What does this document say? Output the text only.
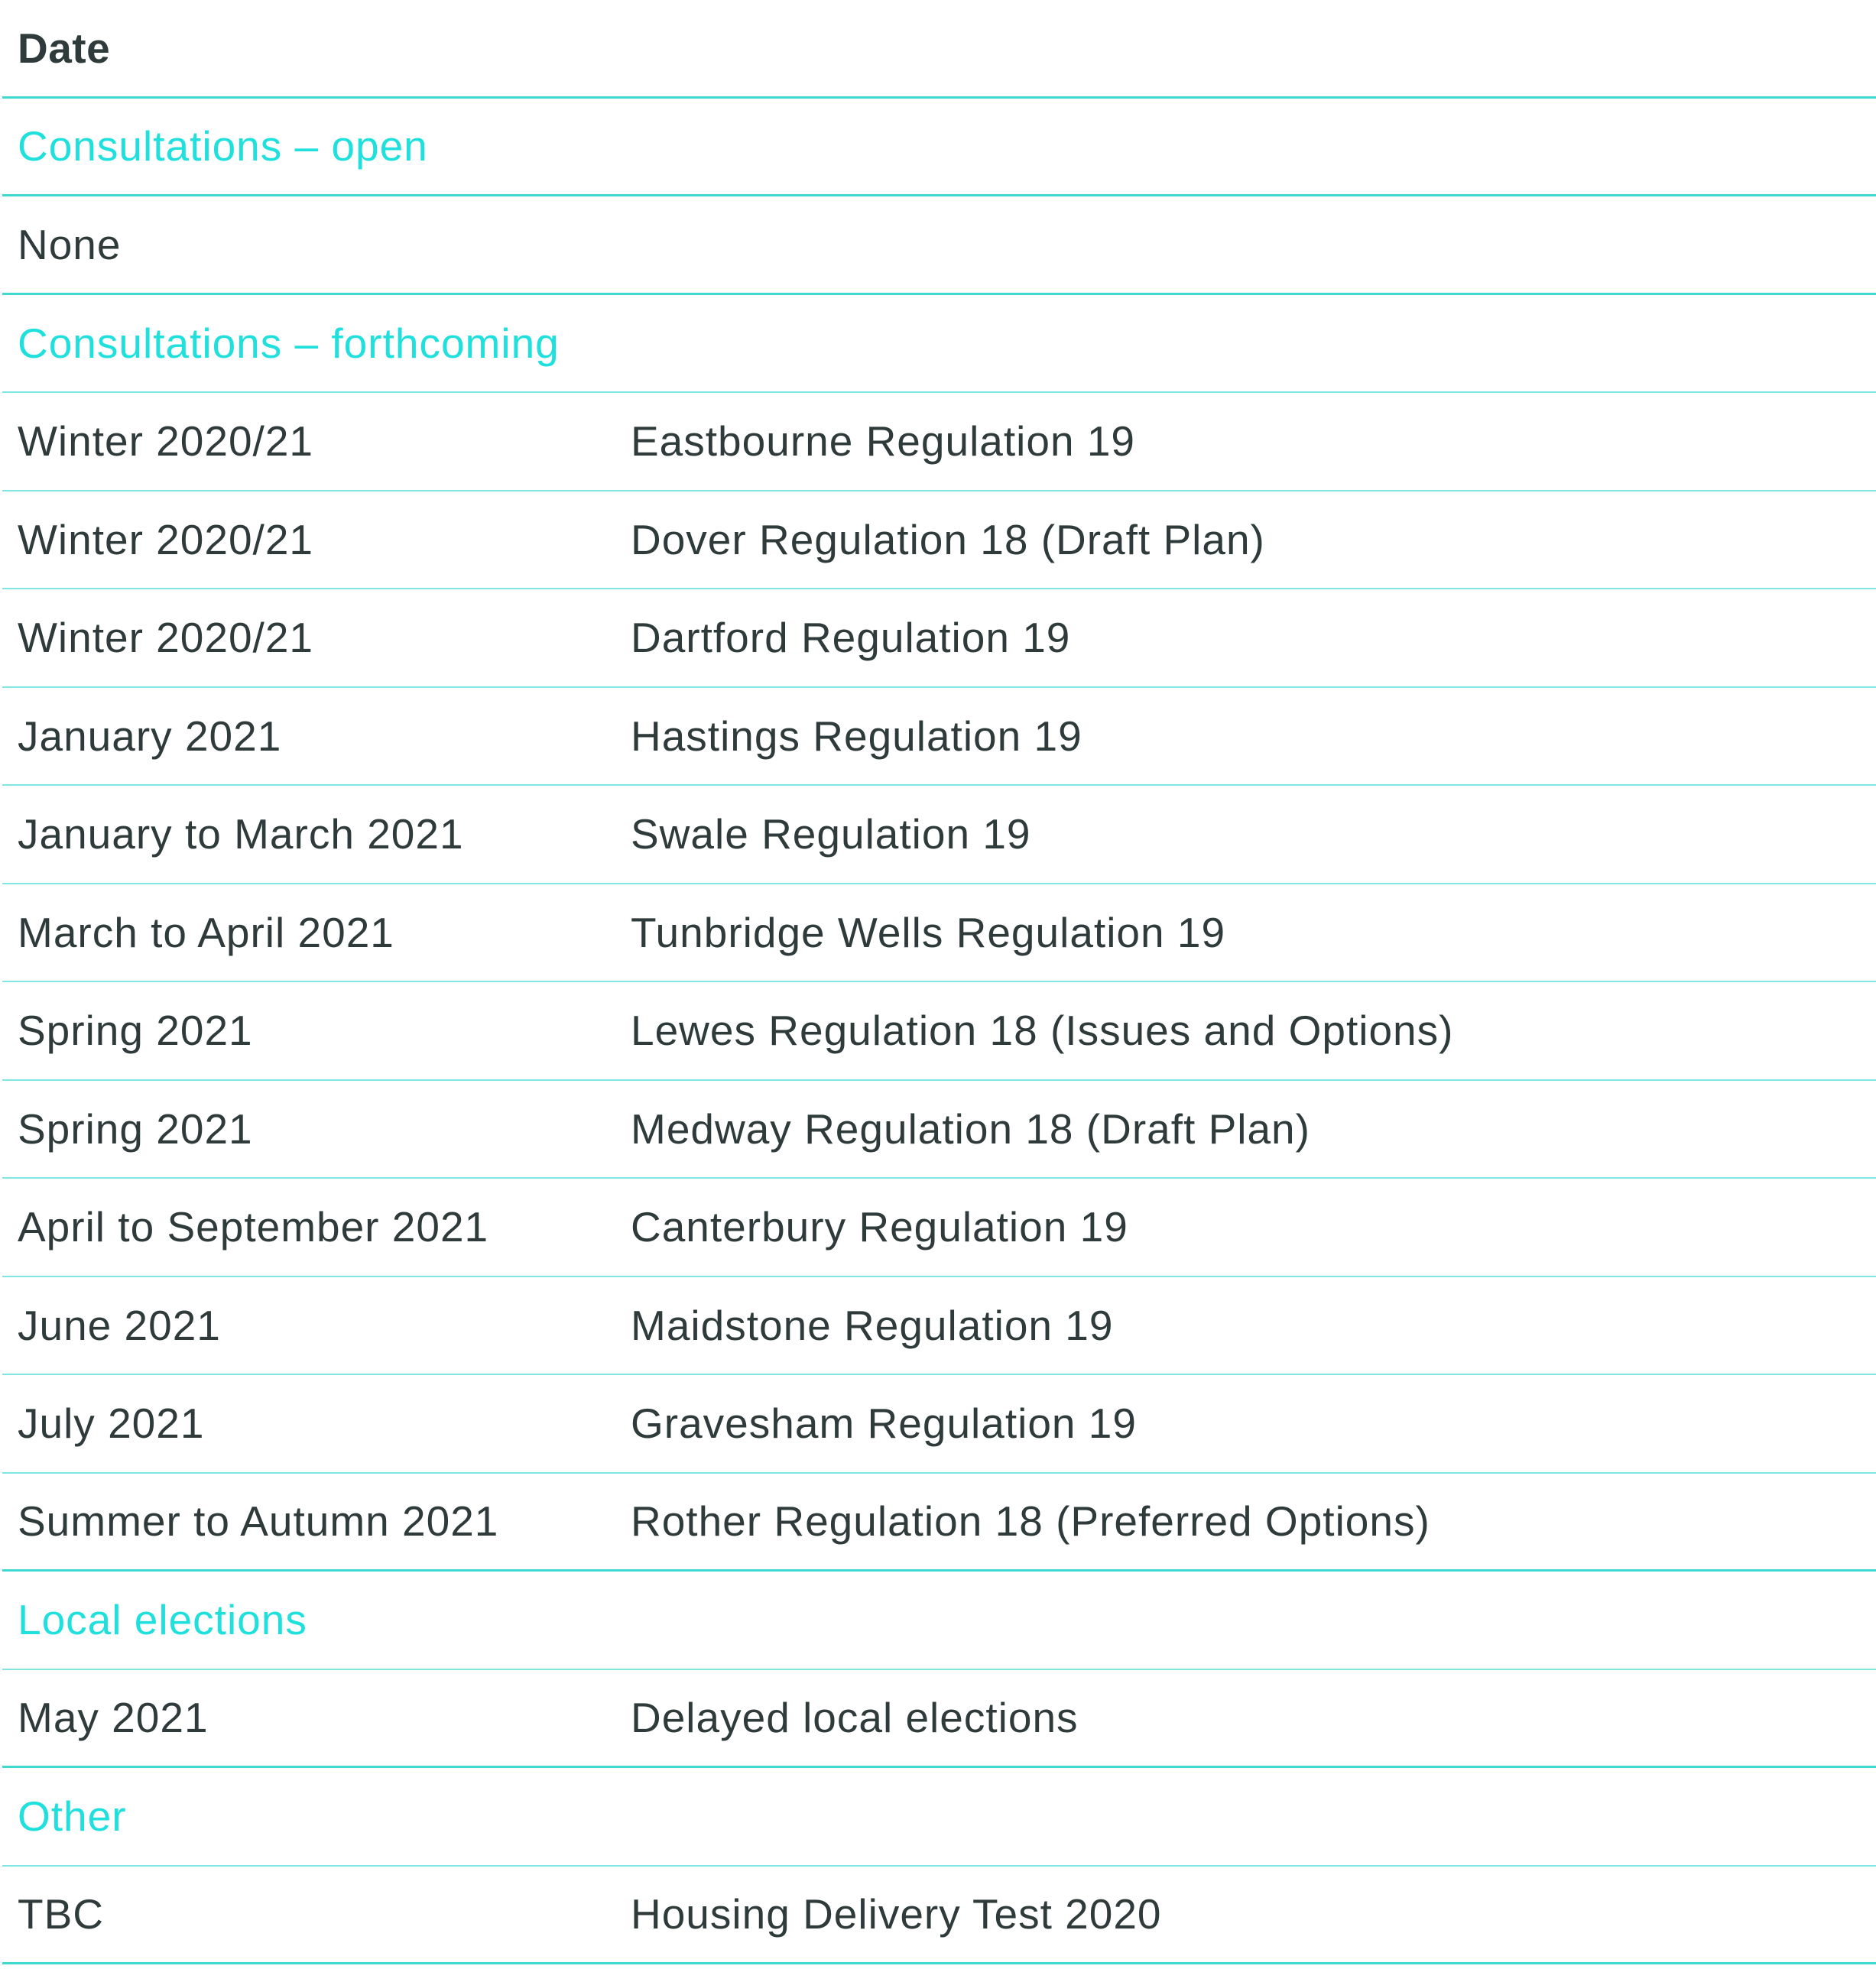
Date
Consultations – open
None
Consultations – forthcoming
Winter 2020/21	Eastbourne Regulation 19
Winter 2020/21	Dover Regulation 18 (Draft Plan)
Winter 2020/21	Dartford Regulation 19
January 2021	Hastings Regulation 19
January to March 2021	Swale Regulation 19
March to April 2021	Tunbridge Wells Regulation 19
Spring 2021	Lewes Regulation 18 (Issues and Options)
Spring 2021	Medway Regulation 18 (Draft Plan)
April to September 2021	Canterbury Regulation 19
June 2021	Maidstone Regulation 19
July 2021	Gravesham Regulation 19
Summer to Autumn 2021	Rother Regulation 18 (Preferred Options)
Local elections
May 2021	Delayed local elections
Other
TBC	Housing Delivery Test 2020
